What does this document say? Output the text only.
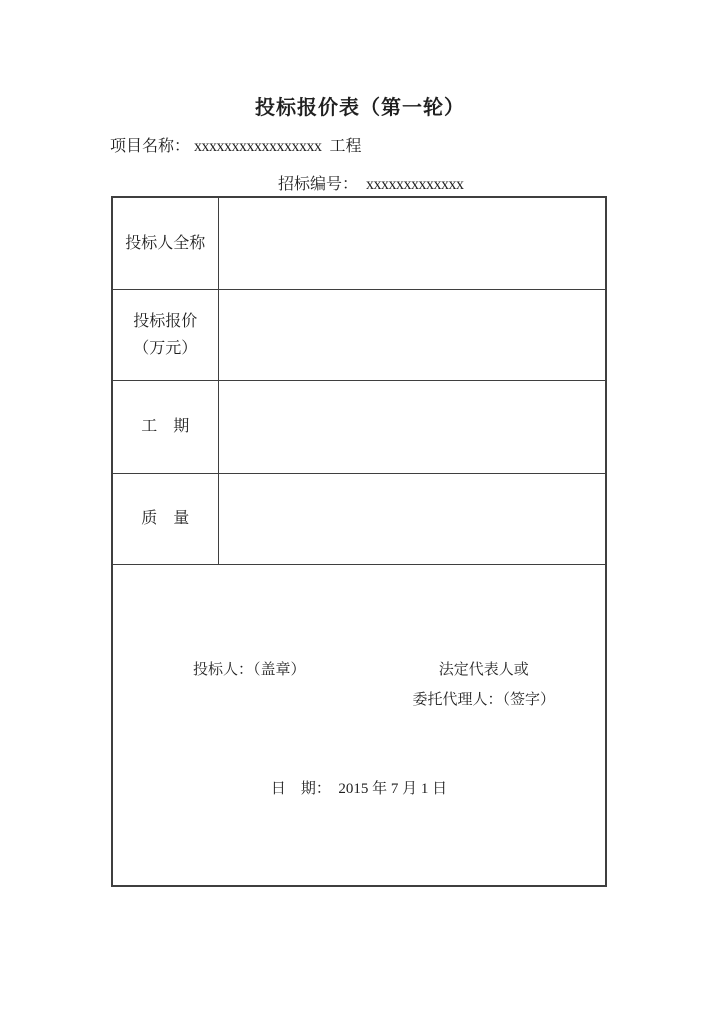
投标报价表（第一轮）

项目名称： xxxxxxxxxxxxxxxxx 工程

招标编号： xxxxxxxxxxxxx

投标人全称	

投标报价
（万元）	

工　期	
质　量	

投标人：（盖章） 法定代表人或
委托代理人：（签字）
日　期：　2015 年 7 月 1 日	
